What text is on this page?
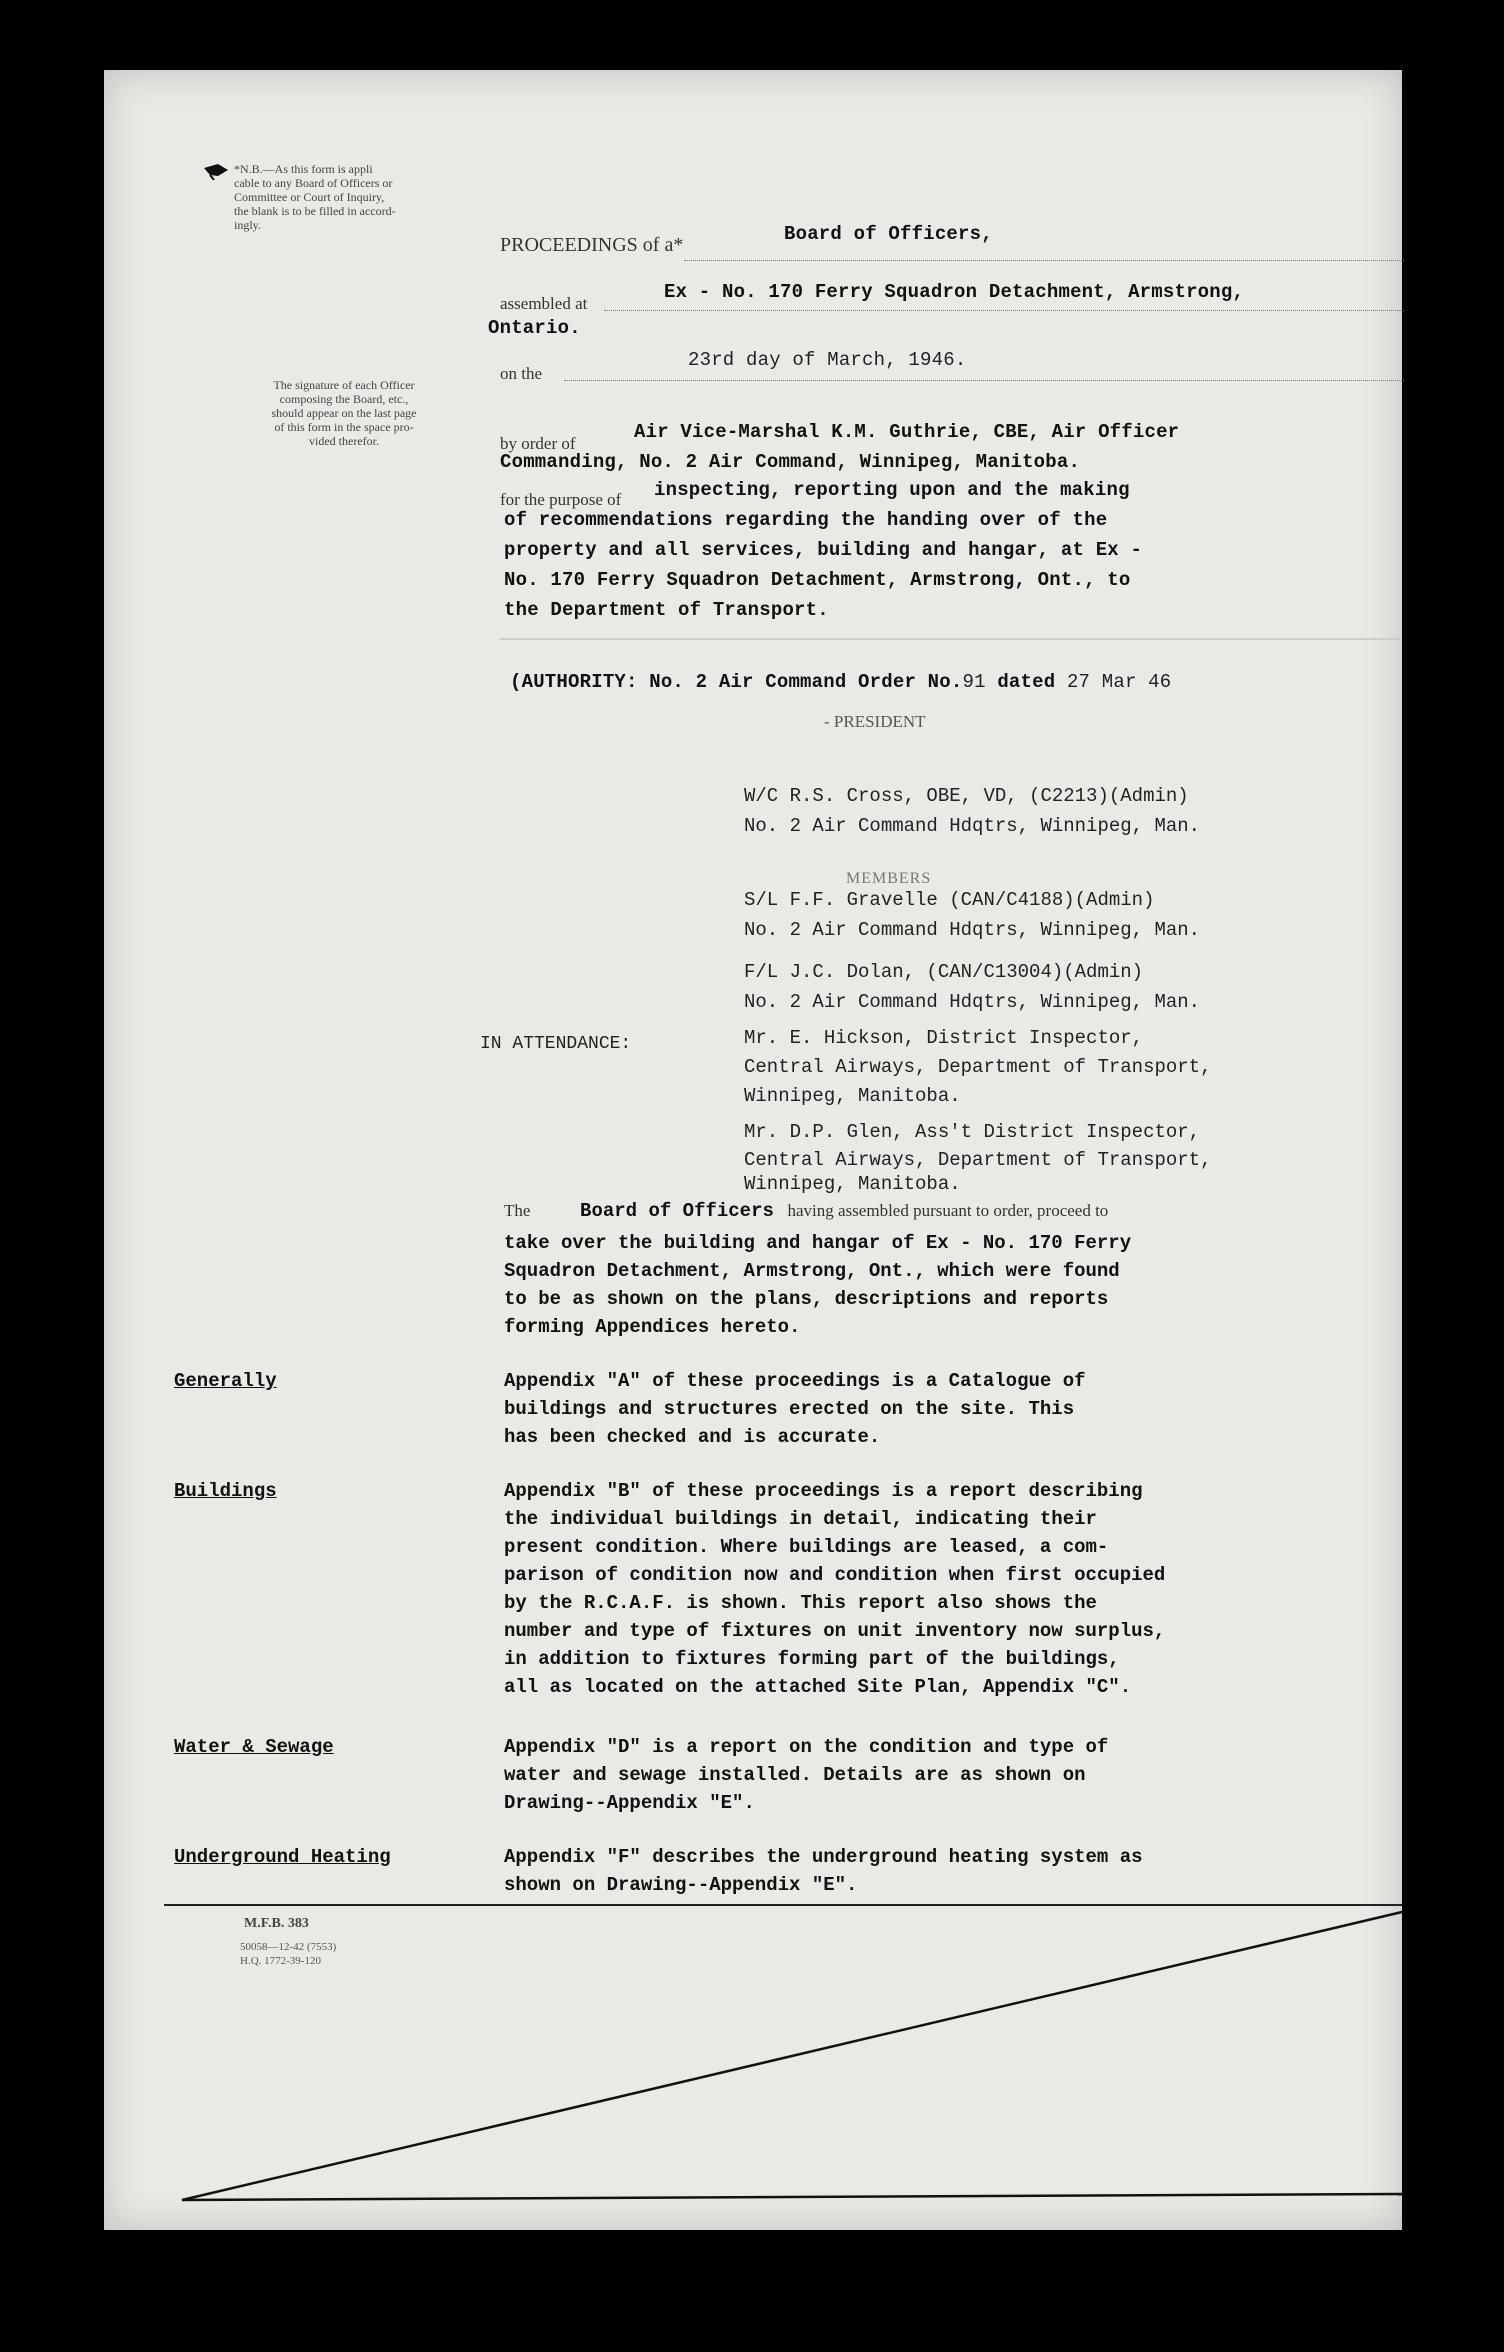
*N.B.—As this form is appli
cable to any Board of Officers or
Committee or Court of Inquiry,
the blank is to be filled in accord-
ingly.
The signature of each Officer
composing the Board, etc.,
should appear on the last page
of this form in the space pro-
vided therefor.
PROCEEDINGS of a*	Board of Officers,
assembled at
Ex - No. 170 Ferry Squadron Detachment, Armstrong,
Ontario.
on the
23rd day of March, 1946.
by order of
Air Vice-Marshal K.M. Guthrie, CBE, Air Officer
Commanding, No. 2 Air Command, Winnipeg, Manitoba.
for the purpose of inspecting, reporting upon and the making
of recommendations regarding the handing over of the
property and all services, building and hangar, at Ex -
No. 170 Ferry Squadron Detachment, Armstrong, Ont., to
the Department of Transport.
(AUTHORITY: No. 2 Air Command Order No.91 dated 27 Mar 46
- PRESIDENT
W/C R.S. Cross, OBE, VD, (C2213)(Admin)
No. 2 Air Command Hdqtrs, Winnipeg, Man.
MEMBERS
S/L F.F. Gravelle (CAN/C4188)(Admin)
No. 2 Air Command Hdqtrs, Winnipeg, Man.
F/L J.C. Dolan, (CAN/C13004)(Admin)
No. 2 Air Command Hdqtrs, Winnipeg, Man.
IN ATTENDANCE:	Mr. E. Hickson, District Inspector,
Central Airways, Department of Transport,
Winnipeg, Manitoba.
Mr. D.P. Glen, Ass't District Inspector,
Central Airways, Department of Transport,
Winnipeg, Manitoba.
The	Board of Officers having assembled pursuant to order, proceed to
take over the building and hangar of Ex - No. 170 Ferry
Squadron Detachment, Armstrong, Ont., which were found
to be as shown on the plans, descriptions and reports
forming Appendices hereto.
Generally	Appendix "A" of these proceedings is a Catalogue of
buildings and structures erected on the site. This
has been checked and is accurate.
Buildings	Appendix "B" of these proceedings is a report describing
the individual buildings in detail, indicating their
present condition. Where buildings are leased, a com-
parison of condition now and condition when first occupied
by the R.C.A.F. is shown. This report also shows the
number and type of fixtures on unit inventory now surplus,
in addition to fixtures forming part of the buildings,
all as located on the attached Site Plan, Appendix "C".
Water & Sewage	Appendix "D" is a report on the condition and type of
water and sewage installed. Details are as shown on
Drawing--Appendix "E".
Underground Heating	Appendix "F" describes the underground heating system as
shown on Drawing--Appendix "E".
M.F.B. 383
50058—12-42 (7553)
H.Q. 1772-39-120
